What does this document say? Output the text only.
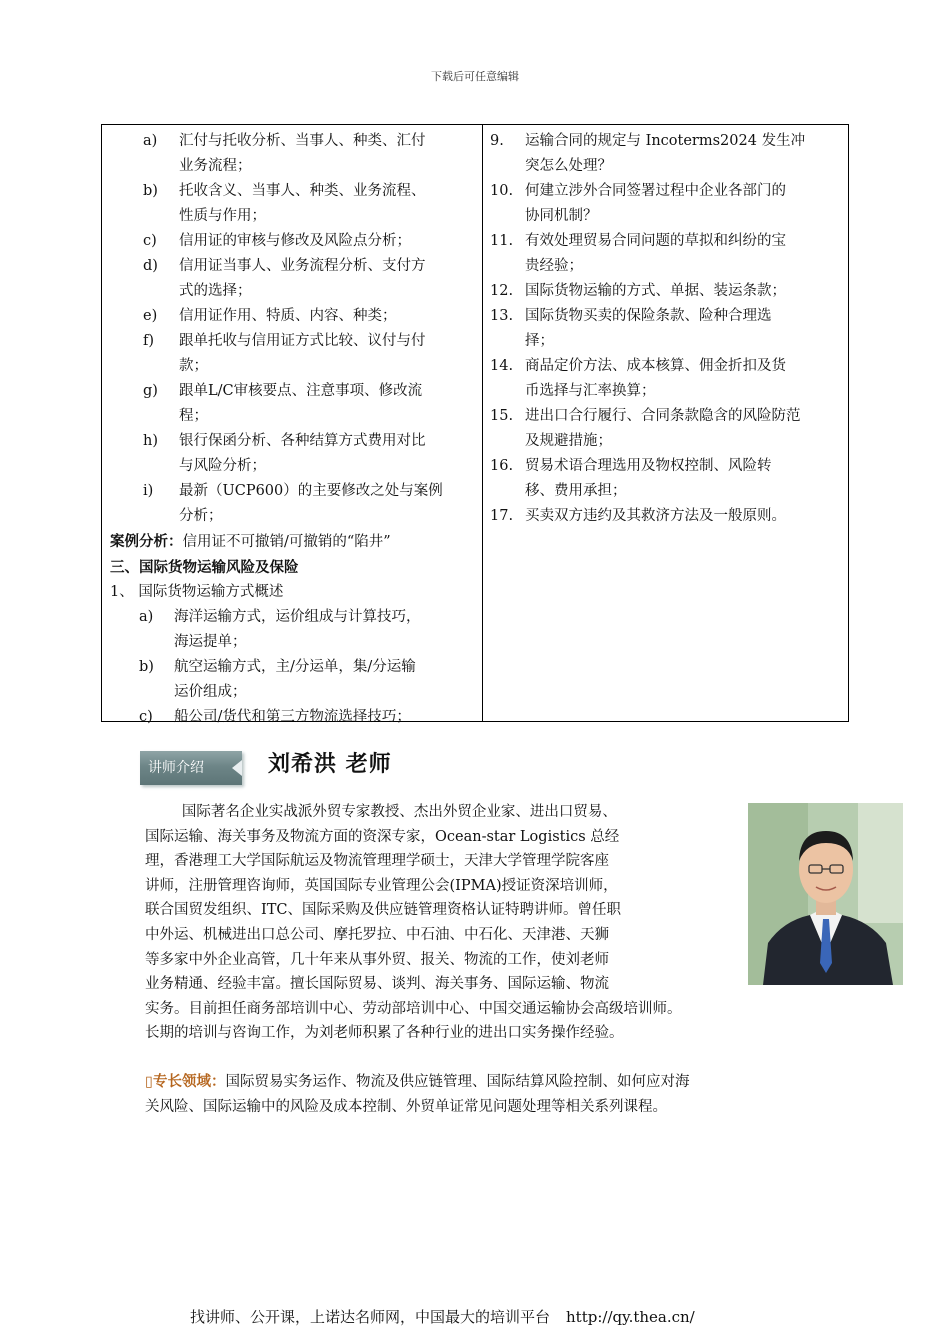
下载后可任意编辑
a)	汇付与托收分析、当事人、种类、汇付
业务流程；
b)	托收含义、当事人、种类、业务流程、
性质与作用；
c)	信用证的审核与修改及风险点分析；
d)	信用证当事人、业务流程分析、支付方
式的选择；
e)	信用证作用、特质、内容、种类；
f)	跟单托收与信用证方式比较、议付与付
款；
g)	跟单L/C审核要点、注意事项、修改流
程；
h)	银行保函分析、各种结算方式费用对比
与风险分析；
i)	最新（UCP600）的主要修改之处与案例
分析；
案例分析：信用证不可撤销/可撤销的“陷井”
三、国际货物运输风险及保险
1、 国际货物运输方式概述
a)	海洋运输方式，运价组成与计算技巧，
海运提单；
b)	航空运输方式，主/分运单，集/分运输
运价组成；
c)	船公司/货代和第三方物流选择技巧；
9.	运输合同的规定与 Incoterms2024 发生冲
突怎么处理？
10. 何建立涉外合同签署过程中企业各部门的
协同机制？
11. 有效处理贸易合同问题的草拟和纠纷的宝
贵经验；
12. 国际货物运输的方式、单据、装运条款；
13. 国际货物买卖的保险条款、险种合理选
择；
14. 商品定价方法、成本核算、佣金折扣及货
币选择与汇率换算；
15. 进出口合行履行、合同条款隐含的风险防范
及规避措施；
16. 贸易术语合理选用及物权控制、风险转
移、费用承担；
17. 买卖双方违约及其救济方法及一般原则。
讲师介绍	刘希洪 老师
国际著名企业实战派外贸专家教授、杰出外贸企业家、进出口贸易、
国际运输、海关事务及物流方面的资深专家，Ocean-star Logistics 总经
理，香港理工大学国际航运及物流管理理学硕士，天津大学管理学院客座
讲师，注册管理咨询师，英国国际专业管理公会(IPMA)授证资深培训师，
联合国贸发组织、ITC、国际采购及供应链管理资格认证特聘讲师。曾任职
中外运、机械进出口总公司、摩托罗拉、中石油、中石化、天津港、天狮
等多家中外企业高管，几十年来从事外贸、报关、物流的工作，使刘老师
业务精通、经验丰富。擅长国际贸易、谈判、海关事务、国际运输、物流
实务。目前担任商务部培训中心、劳动部培训中心、中国交通运输协会高级培训师。
长期的培训与咨询工作，为刘老师积累了各种行业的进出口实务操作经验。
▯专长领域：国际贸易实务运作、物流及供应链管理、国际结算风险控制、如何应对海
关风险、国际运输中的风险及成本控制、外贸单证常见问题处理等相关系列课程。
找讲师、公开课，上诺达名师网，中国最大的培训平台 http://qy.thea.cn/
